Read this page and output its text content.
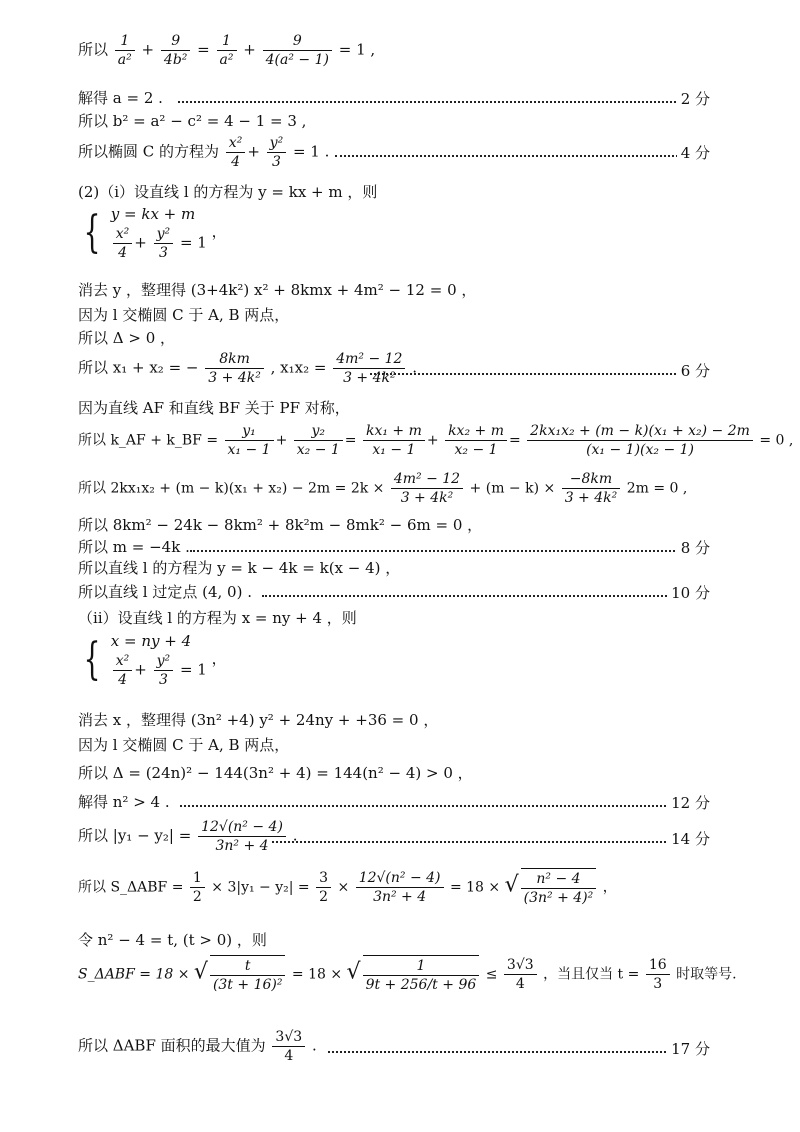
所以 $\frac{1}{\text{a²}} + \frac{9}{\text{4b²}} = \frac{1}{\text{a²}} + \frac{9}{\text{4(a² − 1)}} = 1$ ,
解得 a = 2 .	2 分
所以 b² = a² − c² = 4 − 1 = 3 ,
所以椭圆 C 的方程为 $\frac{\text{x²}}{4} + \frac{\text{y²}}{3} = 1$ .	4 分
(2)（ⅰ）设直线 l 的方程为 y = kx + m ，则
{ y = kx + m
$\frac{\text{x²}}{4} + \frac{\text{y²}}{3} = 1$
，
消去 y ，整理得 (3+4k²) x² + 8kmx + 4m² − 12 = 0 ，
因为 l 交椭圆 C 于 A, B 两点，
所以 Δ > 0 ，
所以 x₁ + x₂ = − $\frac{8km}{\text{3 + 4k²}}$ , $x_1x_2 = \frac{\text{4m² − 12}}{\text{3 + 4k²}}$ .	6 分
因为直线 AF 和直线 BF 关于 PF 对称，
所以 k_AF + k_BF = $\frac{\text{y₁}}{\text{x₁ − 1}} + \frac{\text{y₂}}{\text{x₂ − 1}} = \frac{\text{kx₁ + m}}{\text{x₁ − 1}} + \frac{\text{kx₂ + m}}{\text{x₂ − 1}} = \frac{\text{2kx₁x₂ + (m − k)(x₁ + x₂) − 2m}}{\text{(x₁ − 1)(x₂ − 1)}} = 0$ ,
所以 $2kx_1x_2 + (m - k)(x_1 + x_2) - 2m = 2k \times \frac{\text{4m² − 12}}{\text{3 + 4k²}} + (m - k) \times \frac{-8km}{\text{3 + 4k²}} 2m = 0$ ,
所以 8km² − 24k − 8km² + 8k²m − 8mk² − 6m = 0 ，
所以 m = −4k .	8 分
所以直线 l 的方程为 y = k − 4k = k(x − 4) ，
所以直线 l 过定点 (4, 0) .	10 分
（ⅱ）设直线 l 的方程为 x = ny + 4 ，则
{ x = ny + 4
$\frac{\text{x²}}{4} + \frac{\text{y²}}{3} = 1$
，
消去 x ，整理得 (3n² +4) y² + 24ny + +36 = 0 ，
因为 l 交椭圆 C 于 A, B 两点，
所以 Δ = (24n)² − 144(3n² + 4) = 144(n² − 4) > 0 ，
解得 n² > 4 .	12 分
所以 $|y_1 - y_2| = \frac{\text{12√(n² − 4)}}{\text{3n² + 4}}$ .	14 分
所以 S_ΔABF = $\frac{1}{2} \times 3|y_1 - y_2| = \frac{3}{2} \times \frac{\text{12√(n² − 4)}}{\text{3n² + 4}} = 18$ × √ $\frac{\text{n² − 4}}{\text{(3n² + 4)²}}$ ，
令 n² − 4 = t, (t > 0) ，则
S_ΔABF = 18 × √ $\frac{t}{\text{(3t + 16)²}} = 18$ × √ $\frac{1}{9t + 256/t + 96} \le \frac{3√3}{4}$ ，当且仅当 $t = \frac{16}{3}$ 时取等号.
所以 ΔABF 面积的最大值为 $\frac{3√3}{4}$ .	17 分
